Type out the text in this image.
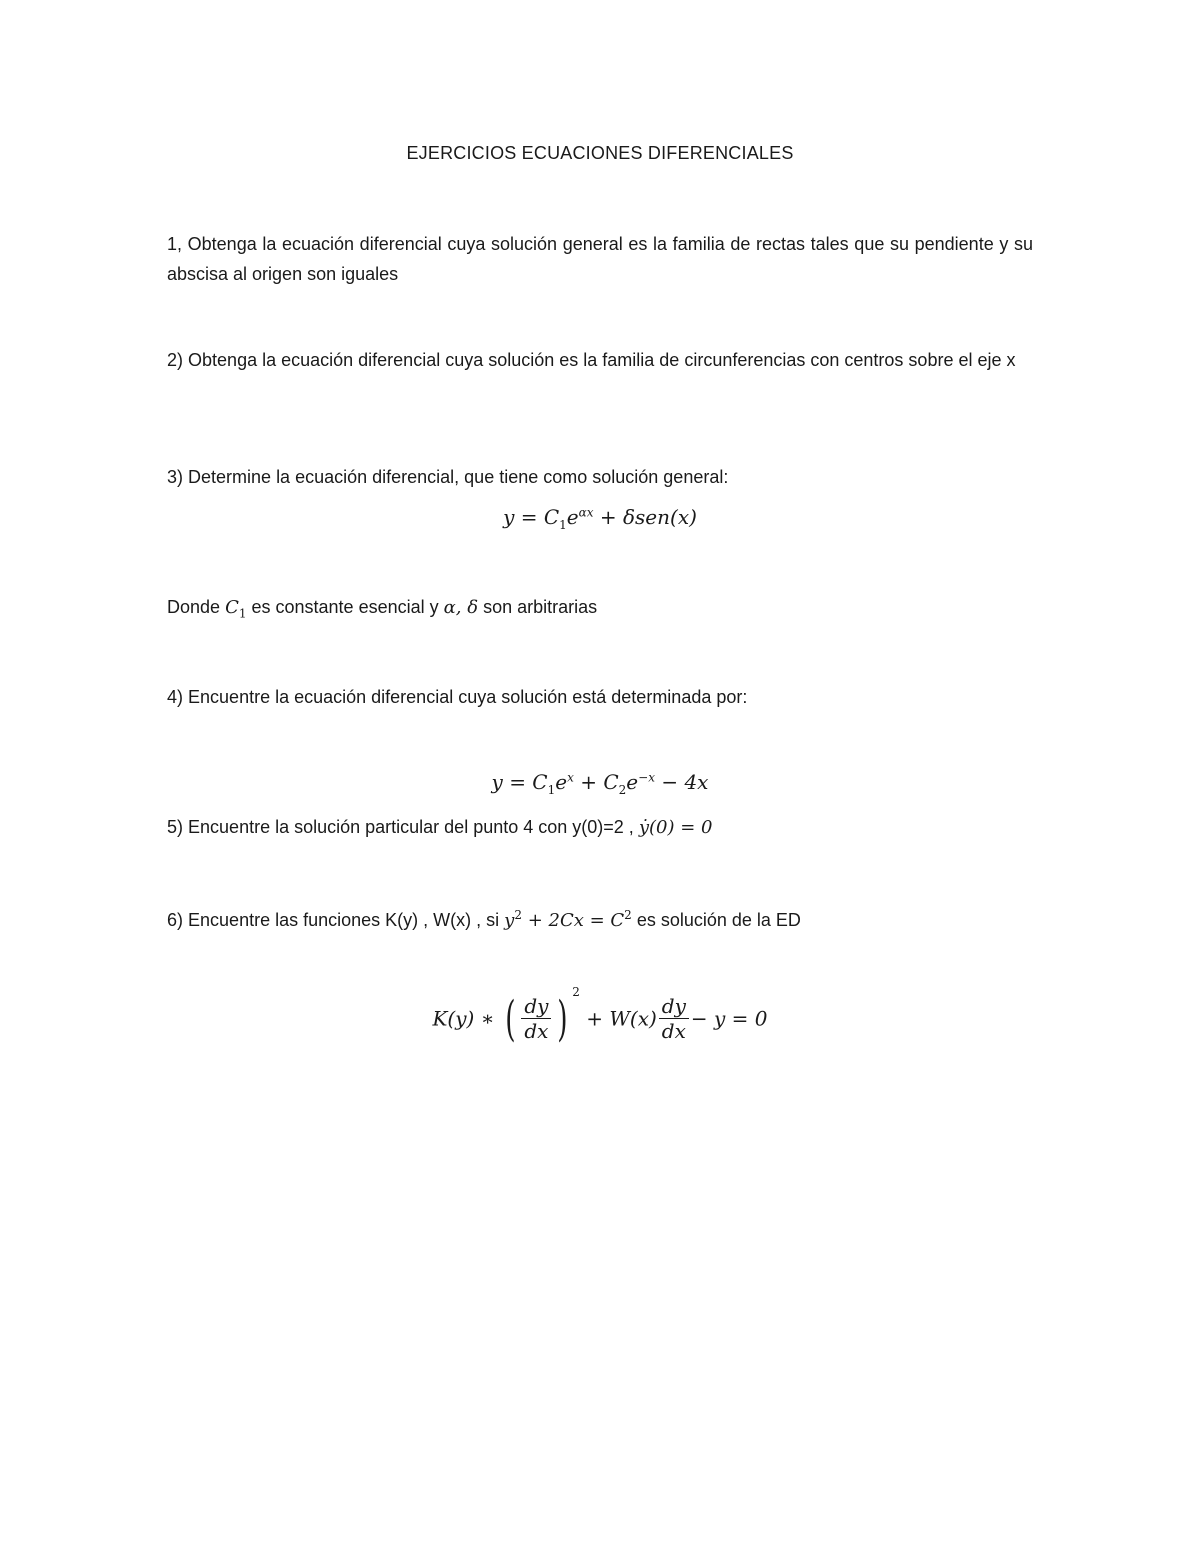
EJERCICIOS ECUACIONES DIFERENCIALES
1, Obtenga la ecuación diferencial cuya solución general es la familia de rectas tales que su pendiente y su abscisa al origen son iguales
2) Obtenga la ecuación diferencial cuya solución es la familia de circunferencias con centros sobre el eje x
3) Determine la ecuación diferencial, que tiene como solución general:
$y = C_1e^{\alpha x} + \delta sen(x)$
Donde $C_1$ es constante esencial y α, δ son arbitrarias
4) Encuentre la ecuación diferencial cuya solución está determinada por:
$y = C_1e^x + C_2e^{-x} - 4x$
5) Encuentre la solución particular del punto 4 con y(0)=2 , ẏ(0) = 0
6) Encuentre las funciones K(y) , W(x) , si $y^2 + 2Cx = C^2$ es solución de la ED
K(y) ∗ ( $\frac{dy}{dx}$ ) $^2 + W(x) \frac{dy}{dx} - y = 0$
